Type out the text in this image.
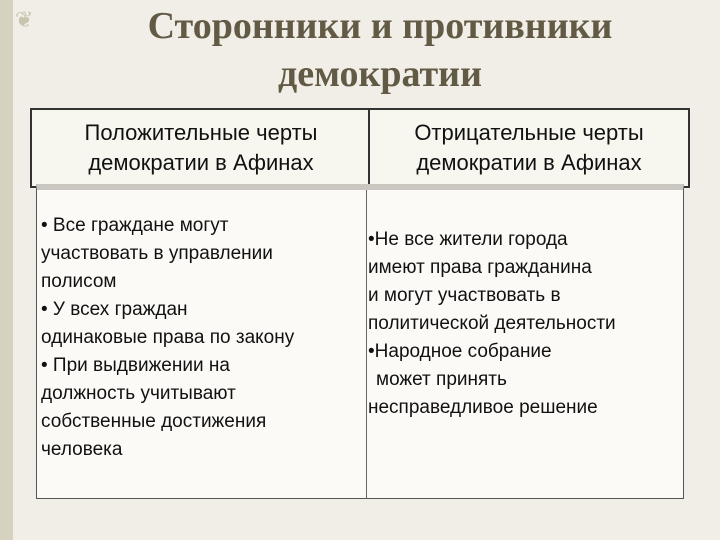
❦	Сторонники и противники
демократии
Положительные черты
демократии в Афинах
Отрицательные черты
демократии в Афинах
• Все граждане могут
участвовать в управлении
полисом
• У всех граждан
одинаковые права по закону
• При выдвижении на
должность учитывают
собственные достижения
человека
•Не все жители города
имеют права гражданина
и могут участвовать в
политической деятельности
•Народное собрание
может принять
несправедливое решение
